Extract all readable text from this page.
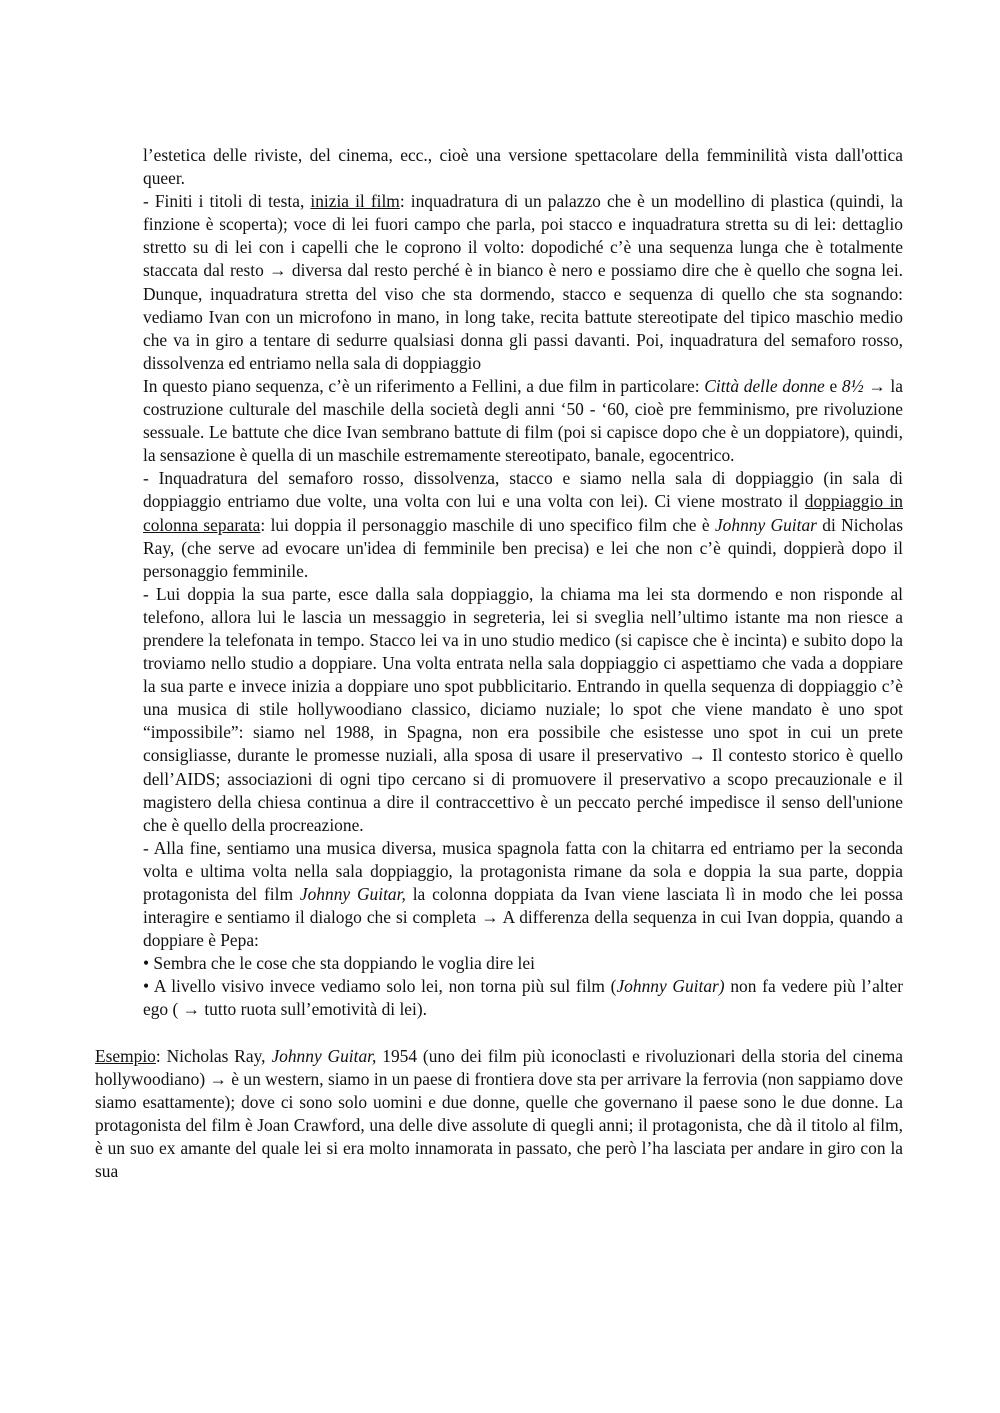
l’estetica delle riviste, del cinema, ecc., cioè una versione spettacolare della femminilità vista dall'ottica queer.

- Finiti i titoli di testa, inizia il film: inquadratura di un palazzo che è un modellino di plastica (quindi, la finzione è scoperta); voce di lei fuori campo che parla, poi stacco e inquadratura stretta su di lei: dettaglio stretto su di lei con i capelli che le coprono il volto: dopodiché c’è una sequenza lunga che è totalmente staccata dal resto → diversa dal resto perché è in bianco è nero e possiamo dire che è quello che sogna lei. Dunque, inquadratura stretta del viso che sta dormendo, stacco e sequenza di quello che sta sognando: vediamo Ivan con un microfono in mano, in long take, recita battute stereotipate del tipico maschio medio che va in giro a tentare di sedurre qualsiasi donna gli passi davanti. Poi, inquadratura del semaforo rosso, dissolvenza ed entriamo nella sala di doppiaggio

In questo piano sequenza, c’è un riferimento a Fellini, a due film in particolare: Città delle donne e 8½ → la costruzione culturale del maschile della società degli anni ‘50 - ‘60, cioè pre femminismo, pre rivoluzione sessuale. Le battute che dice Ivan sembrano battute di film (poi si capisce dopo che è un doppiatore), quindi, la sensazione è quella di un maschile estremamente stereotipato, banale, egocentrico.

- Inquadratura del semaforo rosso, dissolvenza, stacco e siamo nella sala di doppiaggio (in sala di doppiaggio entriamo due volte, una volta con lui e una volta con lei). Ci viene mostrato il doppiaggio in colonna separata: lui doppia il personaggio maschile di uno specifico film che è Johnny Guitar di Nicholas Ray, (che serve ad evocare un'idea di femminile ben precisa) e lei che non c’è quindi, doppierà dopo il personaggio femminile.

- Lui doppia la sua parte, esce dalla sala doppiaggio, la chiama ma lei sta dormendo e non risponde al telefono, allora lui le lascia un messaggio in segreteria, lei si sveglia nell’ultimo istante ma non riesce a prendere la telefonata in tempo. Stacco lei va in uno studio medico (si capisce che è incinta) e subito dopo la troviamo nello studio a doppiare. Una volta entrata nella sala doppiaggio ci aspettiamo che vada a doppiare la sua parte e invece inizia a doppiare uno spot pubblicitario. Entrando in quella sequenza di doppiaggio c’è una musica di stile hollywoodiano classico, diciamo nuziale; lo spot che viene mandato è uno spot “impossibile”: siamo nel 1988, in Spagna, non era possibile che esistesse uno spot in cui un prete consigliasse, durante le promesse nuziali, alla sposa di usare il preservativo → Il contesto storico è quello dell’AIDS; associazioni di ogni tipo cercano si di promuovere il preservativo a scopo precauzionale e il magistero della chiesa continua a dire il contraccettivo è un peccato perché impedisce il senso dell'unione che è quello della procreazione.

- Alla fine, sentiamo una musica diversa, musica spagnola fatta con la chitarra ed entriamo per la seconda volta e ultima volta nella sala doppiaggio, la protagonista rimane da sola e doppia la sua parte, doppia protagonista del film Johnny Guitar, la colonna doppiata da Ivan viene lasciata lì in modo che lei possa interagire e sentiamo il dialogo che si completa → A differenza della sequenza in cui Ivan doppia, quando a doppiare è Pepa:

• Sembra che le cose che sta doppiando le voglia dire lei

• A livello visivo invece vediamo solo lei, non torna più sul film (Johnny Guitar) non fa vedere più l’alter ego ( → tutto ruota sull’emotività di lei).

Esempio: Nicholas Ray, Johnny Guitar, 1954 (uno dei film più iconoclasti e rivoluzionari della storia del cinema hollywoodiano) → è un western, siamo in un paese di frontiera dove sta per arrivare la ferrovia (non sappiamo dove siamo esattamente); dove ci sono solo uomini e due donne, quelle che governano il paese sono le due donne. La protagonista del film è Joan Crawford, una delle dive assolute di quegli anni; il protagonista, che dà il titolo al film, è un suo ex amante del quale lei si era molto innamorata in passato, che però l’ha lasciata per andare in giro con la sua
